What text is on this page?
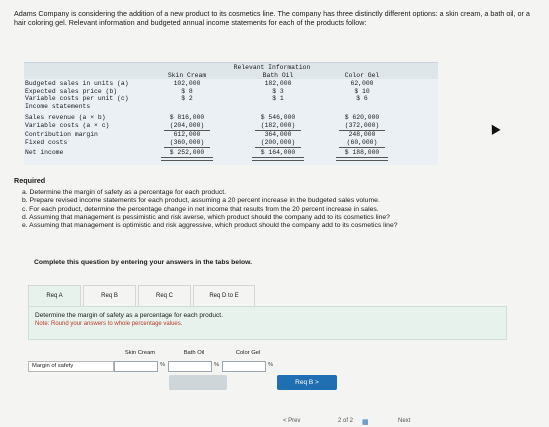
Adams Company is considering the addition of a new product to its cosmetics line. The company has three distinctly different options: a skin cream, a bath oil, or a hair coloring gel. Relevant information and budgeted annual income statements for each of the products follow:
Relevant Information
Skin Cream	Bath Oil	Color Gel
Budgeted sales in units (a)	102,000	182,000	62,000
Expected sales price (b)	$ 8	$ 3	$ 10
Variable costs per unit (c)	$ 2	$ 1	$ 6
Income statements
Sales revenue (a × b)	$ 816,000	$ 546,000	$ 620,000
Variable costs (a × c)	(204,000)	(182,000)	(372,000)
Contribution margin	612,000	364,000	248,000
Fixed costs	(360,000)	(200,000)	(60,000)
Net income	$ 252,000	$ 164,000	$ 188,000
Required
a. Determine the margin of safety as a percentage for each product.
b. Prepare revised income statements for each product, assuming a 20 percent increase in the budgeted sales volume.
c. For each product, determine the percentage change in net income that results from the 20 percent increase in sales.
d. Assuming that management is pessimistic and risk averse, which product should the company add to its cosmetics line?
e. Assuming that management is optimistic and risk aggressive, which product should the company add to its cosmetics line?
Complete this question by entering your answers in the tabs below.
Req A	Req B	Req C	Req D to E
Determine the margin of safety as a percentage for each product.
Note: Round your answers to whole percentage values.
Skin Cream	Bath Oil	Color Gel
Margin of safety	%	%	%
Req B >
< Prev	2 of 2 ▦	Next
